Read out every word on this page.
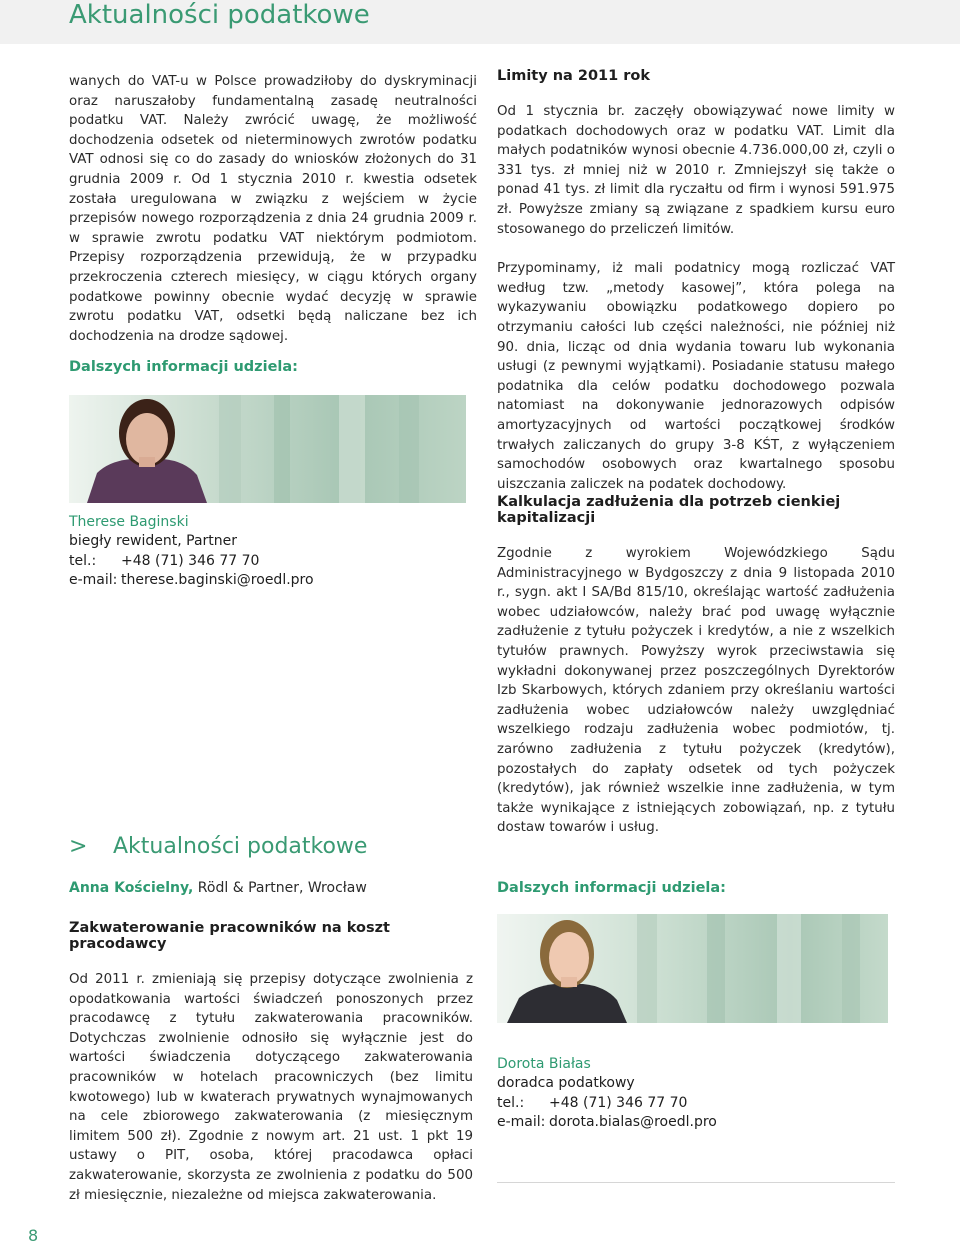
Aktualności podatkowe

wanych do VAT-u w Polsce prowadziłoby do dyskryminacji oraz naruszałoby fundamentalną zasadę neutralności podatku VAT. Należy zwrócić uwagę, że możliwość dochodzenia odsetek od nieterminowych zwrotów podatku VAT odnosi się co do zasady do wniosków złożonych do 31 grudnia 2009 r. Od 1 stycznia 2010 r. kwestia odsetek została uregulowana w związku z wejściem w życie przepisów nowego rozporządzenia z dnia 24 grudnia 2009 r. w sprawie zwrotu podatku VAT niektórym podmiotom. Przepisy rozporządzenia przewidują, że w przypadku przekroczenia czterech miesięcy, w ciągu których organy podatkowe powinny obecnie wydać decyzję w sprawie zwrotu podatku VAT, odsetki będą naliczane bez ich dochodzenia na drodze sądowej.

Dalszych informacji udziela:

Therese Baginski

biegły rewident, Partner

tel.: +48 (71) 346 77 70

e-mail: therese.baginski@roedl.pro

Limity na 2011 rok

Od 1 stycznia br. zaczęły obowiązywać nowe limity w podatkach dochodowych oraz w podatku VAT. Limit dla małych podatników wynosi obecnie 4.736.000,00 zł, czyli o 331 tys. zł mniej niż w 2010 r. Zmniejszył się także o ponad 41 tys. zł limit dla ryczałtu od firm i wynosi 591.975 zł. Powyższe zmiany są związane z spadkiem kursu euro stosowanego do przeliczeń limitów.

Przypominamy, iż mali podatnicy mogą rozliczać VAT według tzw. „metody kasowej”, która polega na wykazywaniu obowiązku podatkowego dopiero po otrzymaniu całości lub części należności, nie później niż 90. dnia, licząc od dnia wydania towaru lub wykonania usługi (z pewnymi wyjątkami). Posiadanie statusu małego podatnika dla celów podatku dochodowego pozwala natomiast na dokonywanie jednorazowych odpisów amortyzacyjnych od wartości początkowej środków trwałych zaliczanych do grupy 3-8 KŚT, z wyłączeniem samochodów osobowych oraz kwartalnego sposobu uiszczania zaliczek na podatek dochodowy.

Kalkulacja zadłużenia dla potrzeb cienkiej kapitalizacji

Zgodnie z wyrokiem Wojewódzkiego Sądu Administracyjnego w Bydgoszczy z dnia 9 listopada 2010 r., sygn. akt I SA/Bd 815/10, określając wartość zadłużenia wobec udziałowców, należy brać pod uwagę wyłącznie zadłużenie z tytułu pożyczek i kredytów, a nie z wszelkich tytułów prawnych. Powyższy wyrok przeciwstawia się wykładni dokonywanej przez poszczególnych Dyrektorów Izb Skarbowych, których zdaniem przy określaniu wartości zadłużenia wobec udziałowców należy uwzględniać wszelkiego rodzaju zadłużenia wobec podmiotów, tj. zarówno zadłużenia z tytułu pożyczek (kredytów), pozostałych do zapłaty odsetek od tych pożyczek (kredytów), jak również wszelkie inne zadłużenia, w tym także wynikające z istniejących zobowiązań, np. z tytułu dostaw towarów i usług.

> Aktualności podatkowe

Anna Kościelny, Rödl & Partner, Wrocław

Zakwaterowanie pracowników na koszt pracodawcy

Od 2011 r. zmieniają się przepisy dotyczące zwolnienia z opodatkowania wartości świadczeń ponoszonych przez pracodawcę z tytułu zakwaterowania pracowników. Dotychczas zwolnienie odnosiło się wyłącznie jest do wartości świadczenia dotyczącego zakwaterowania pracowników w hotelach pracowniczych (bez limitu kwotowego) lub w kwaterach prywatnych wynajmowanych na cele zbiorowego zakwaterowania (z miesięcznym limitem 500 zł). Zgodnie z nowym art. 21 ust. 1 pkt 19 ustawy o PIT, osoba, której pracodawca opłaci zakwaterowanie, skorzysta ze zwolnienia z podatku do 500 zł miesięcznie, niezależne od miejsca zakwaterowania.

Dalszych informacji udziela:

Dorota Białas

doradca podatkowy

tel.: +48 (71) 346 77 70

e-mail: dorota.bialas@roedl.pro

8
